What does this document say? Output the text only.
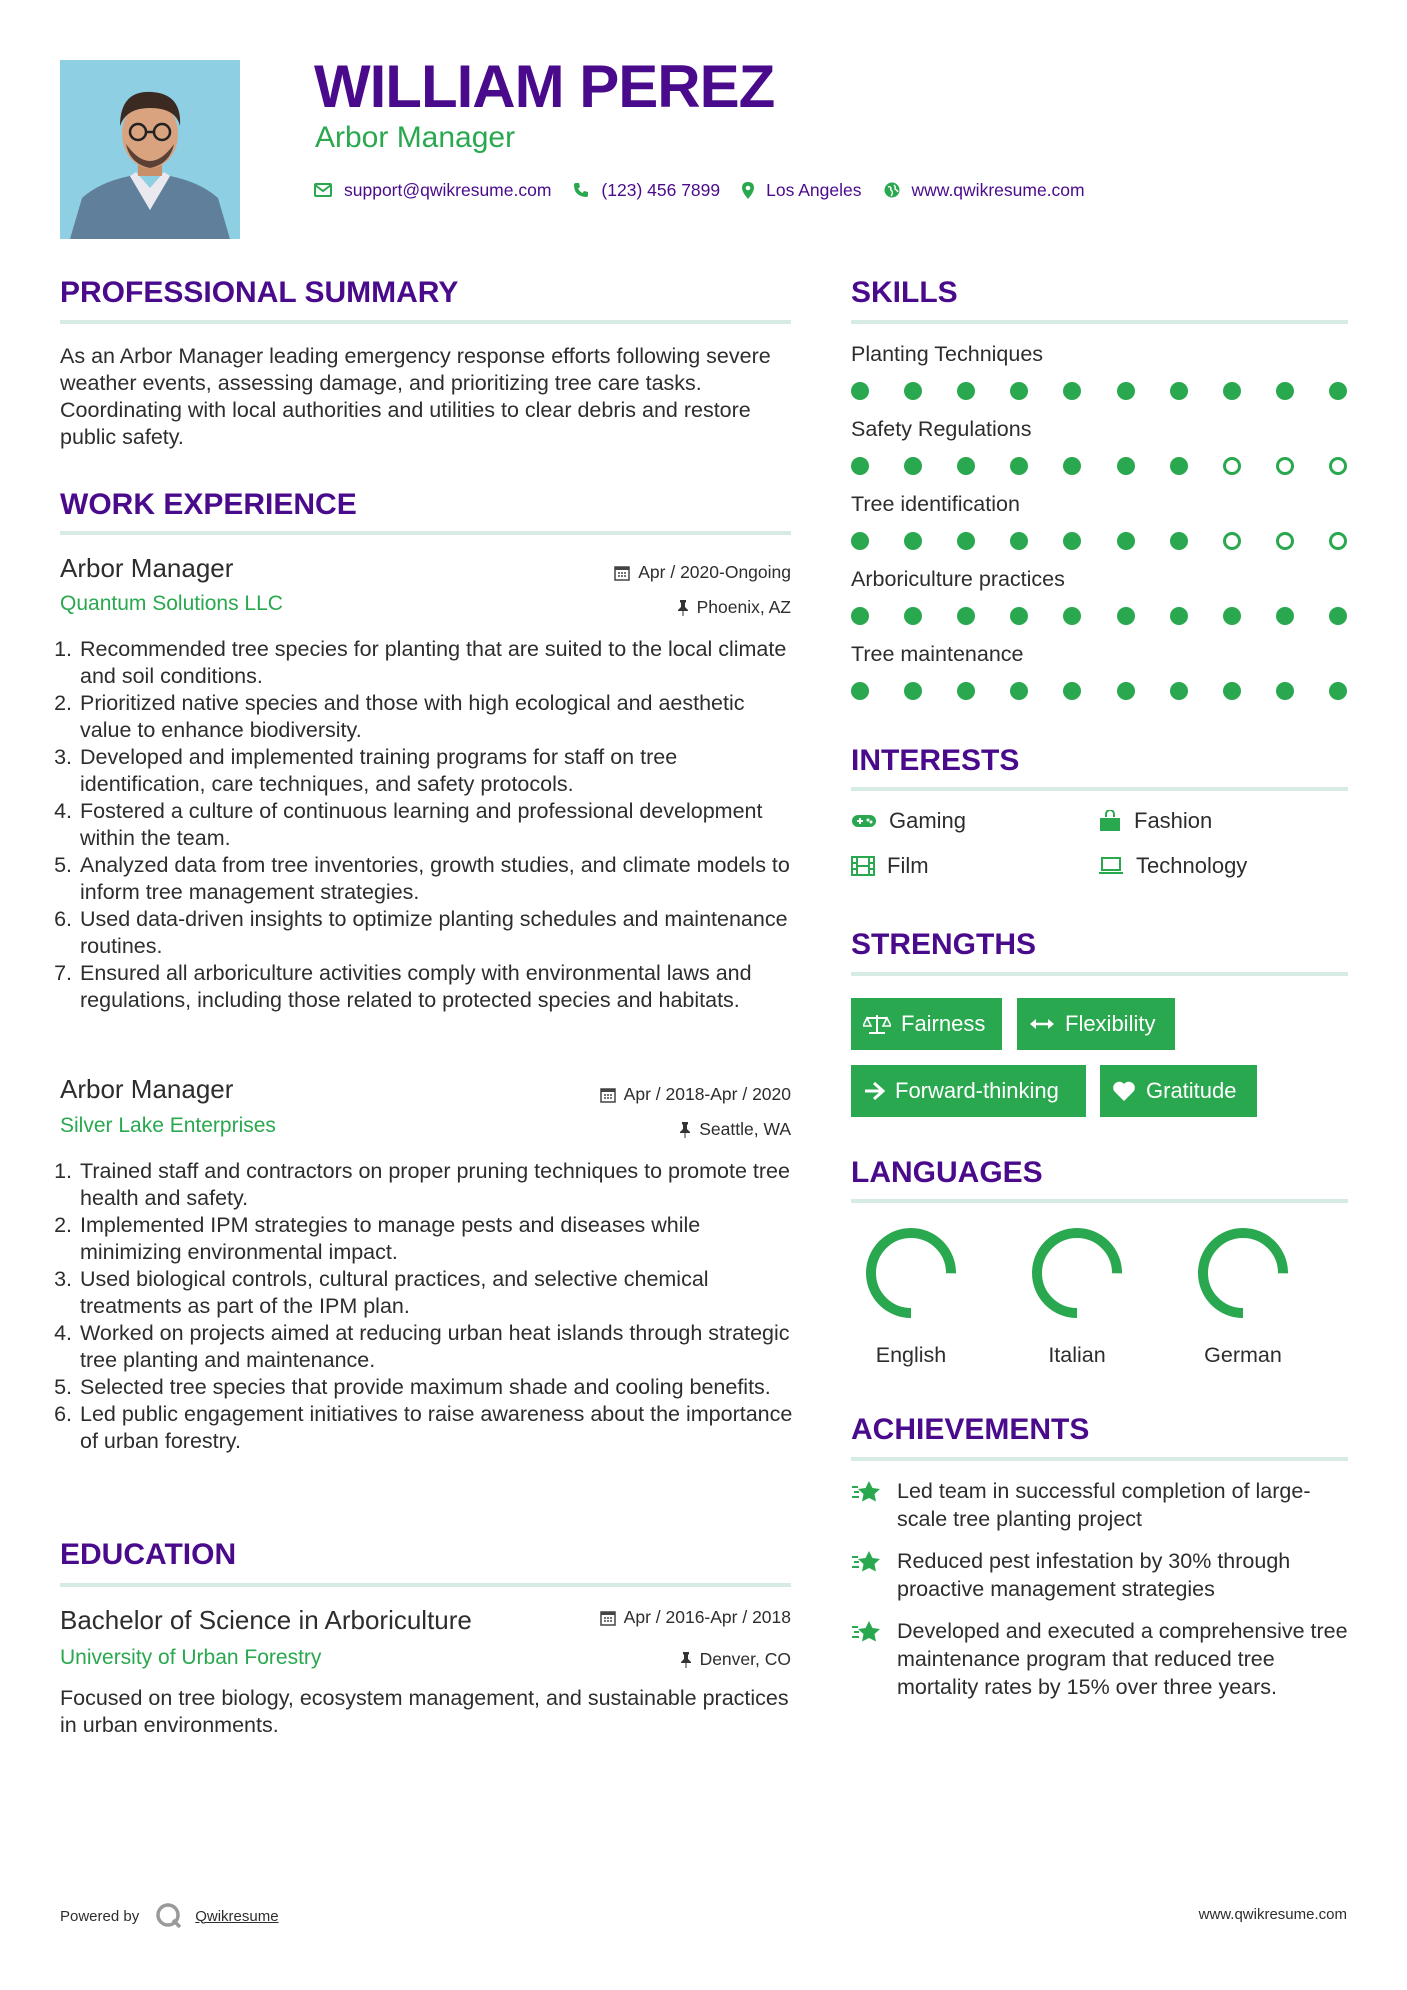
WILLIAM PEREZ
Arbor Manager
support@qwikresume.com	(123) 456 7899	Los Angeles	www.qwikresume.com
PROFESSIONAL SUMMARY
As an Arbor Manager leading emergency response efforts following severe weather events, assessing damage, and prioritizing tree care tasks. Coordinating with local authorities and utilities to clear debris and restore public safety.
WORK EXPERIENCE
Arbor Manager	Apr / 2020-Ongoing
Quantum Solutions LLC	Phoenix, AZ
1. Recommended tree species for planting that are suited to the local climate and soil conditions.
2. Prioritized native species and those with high ecological and aesthetic value to enhance biodiversity.
3. Developed and implemented training programs for staff on tree identification, care techniques, and safety protocols.
4. Fostered a culture of continuous learning and professional development within the team.
5. Analyzed data from tree inventories, growth studies, and climate models to inform tree management strategies.
6. Used data-driven insights to optimize planting schedules and maintenance routines.
7. Ensured all arboriculture activities comply with environmental laws and regulations, including those related to protected species and habitats.
Arbor Manager	Apr / 2018-Apr / 2020
Silver Lake Enterprises	Seattle, WA
1. Trained staff and contractors on proper pruning techniques to promote tree health and safety.
2. Implemented IPM strategies to manage pests and diseases while minimizing environmental impact.
3. Used biological controls, cultural practices, and selective chemical treatments as part of the IPM plan.
4. Worked on projects aimed at reducing urban heat islands through strategic tree planting and maintenance.
5. Selected tree species that provide maximum shade and cooling benefits.
6. Led public engagement initiatives to raise awareness about the importance of urban forestry.
EDUCATION
Bachelor of Science in Arboriculture	Apr / 2016-Apr / 2018
University of Urban Forestry	Denver, CO
Focused on tree biology, ecosystem management, and sustainable practices in urban environments.
SKILLS
Planting Techniques
Safety Regulations
Tree identification
Arboriculture practices
Tree maintenance
INTERESTS
Gaming	Fashion
Film	Technology
STRENGTHS
Fairness	Flexibility
Forward-thinking	Gratitude
LANGUAGES
English	Italian	German
ACHIEVEMENTS
Led team in successful completion of large-scale tree planting project
Reduced pest infestation by 30% through proactive management strategies
Developed and executed a comprehensive tree maintenance program that reduced tree mortality rates by 15% over three years.
Powered by	Qwikresume	www.qwikresume.com
